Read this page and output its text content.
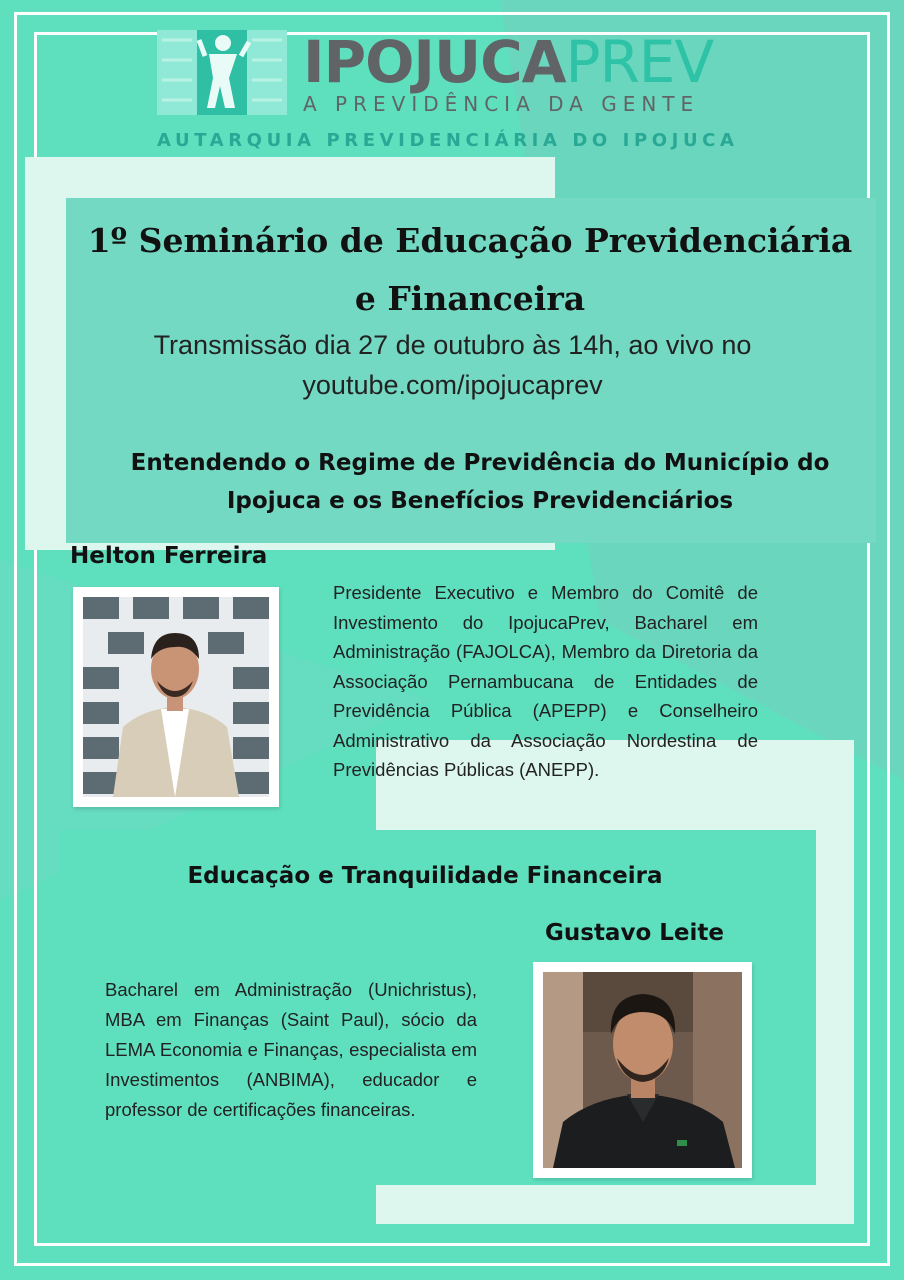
IPOJUCAPREV
A PREVIDÊNCIA DA GENTE
AUTARQUIA PREVIDENCIÁRIA DO IPOJUCA
1º Seminário de Educação Previdenciária e Financeira
Transmissão dia 27 de outubro às 14h, ao vivo no youtube.com/ipojucaprev
Entendendo o Regime de Previdência do Município do Ipojuca e os Benefícios Previdenciários
Helton Ferreira
Presidente Executivo e Membro do Comitê de Investimento do IpojucaPrev, Bacharel em Administração (FAJOLCA), Membro da Diretoria da Associação Pernambucana de Entidades de Previdência Pública (APEPP) e Conselheiro Administrativo da Associação Nordestina de Previdências Públicas (ANEPP).
Educação e Tranquilidade Financeira
Gustavo Leite
Bacharel em Administração (Unichristus), MBA em Finanças (Saint Paul), sócio da LEMA Economia e Finanças, especialista em Investimentos (ANBIMA), educador e professor de certificações financeiras.
